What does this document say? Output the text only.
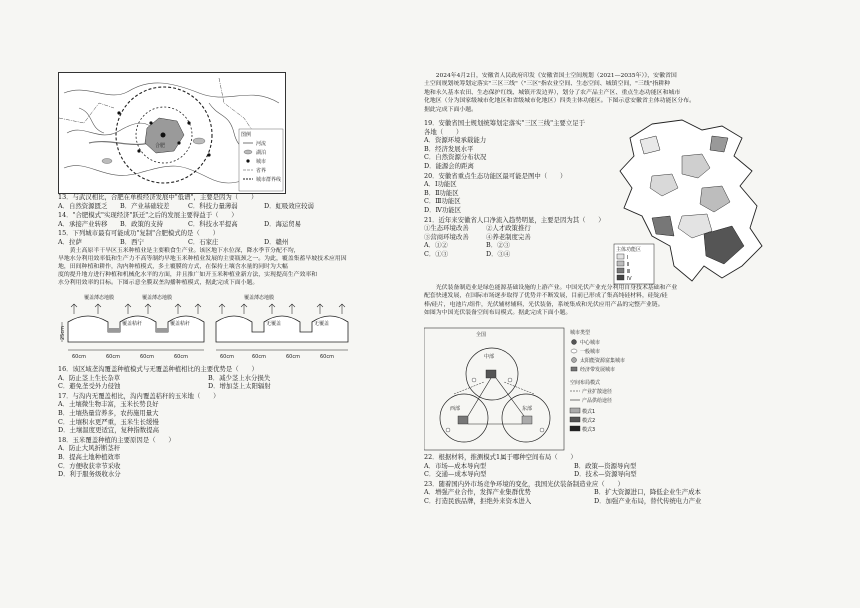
合肥
图例
河流
湖泊
城市
省界
城市群界线

13．与武汉相比，合肥在单极经济发展中"低谱"，主要是因为（　　）

A．自然资源匮乏	B．产业基础较差	C．科技力量薄弱	D．虹吸效应较弱

14．"合肥模式"实现经济"跃迁"之后的发展主要得益于（　　）

A．承接产业转移	B．政策的支持	C．科技水平提高	D．海运贸易

15．下列城市最有可能成功"复制"合肥模式的是（　　）

A．拉萨	B．西宁	C．石家庄	D．赣州

　　黄土高原半干旱区玉米种植业是主要粮食生产业。该区地下水位深，降水季节分配不均，

旱地水分利用效率低和生产力不高等制约早地玉米种植业发展的主要瓶颈之一。为此，覆盖集蓄旱坡技术应用因

地，田间种植和耕作，沟内种植模式，多土覆膜的方式，在保持土壤含水量的同时为大幅

度的提升地方进行种植和机械化水平的方面，并且推广如开玉米种植业新方法，实现提高生产效率和

水分利用效率的目标。下图示意全膜双垄沟播种植模式，据此完成下面小题。

覆盖薄态地膜	覆盖薄态地膜	覆盖薄态地膜
覆盖秸秆	覆盖秸秆
25cm
无覆盖	无覆盖
60cm	60cm	60cm	60cm	60cm	60cm	60cm	60cm

16．该区域垄沟覆盖种植模式与无覆盖种植相比的主要优势是（　　）

A．防止茎上生长杂草	B．减少茎上水分损失
C．避免垄受外力侵蚀	D．增加茎上太阳辐射

17．与沟内无覆盖相比，沟内覆盖秸秆的玉米地（　　）

A．土壤微生物丰富，玉米长势良好

B．土壤热量营养多，农药施用量大

C．土壤积水更严重，玉米生长缓慢

D．土壤温度更适宜，复种指数提高

18．玉米覆盖种植的主要原因是（　　）

A．防止大风折断茎秆

B．提高土地种植效率

C．方便收获幸节采收

D．利于服务级收水分

　　2024年4月2日，安徽省人民政府印发《安徽省国土空间规划（2021—2035年）》，安徽省国

土空间规划统筹划定落实"三区三线"（"三区"指农业空间、生态空间、城镇空间，"三线"指耕种

地和永久基本农田、生态保护红线、城镇开发边界），划分了农产品主产区、重点生态功能区和城市

化地区（分为国家级城市化地区和省级城市化地区）四类主体功能区。下图示意安徽省主体功能区分布。

据此完成下面小题。

19．安徽省国土规划统筹划定落实"三区三线"主要立足于

各地（　　）

A．资源环境承载能力

B．经济发展水平

C．自然资源分布状况

D．能源会的距离

20．安徽省重点生态功能区最可能是图中（　　）

A．Ⅰ功能区

B．Ⅱ功能区

C．Ⅲ功能区

D．Ⅳ功能区

21．近年来安徽省人口净流入趋势明显，主要是因为其（　　）

①生态环境改善	②人才政策推行
③营商环境改善	④养老制度完善
A．①②	B．②③
C．①③	D．③④	主体功能区
Ⅰ
Ⅱ
Ⅲ
Ⅳ

　　光伏装备制造业是绿色能源基础设施的上游产业。中国光伏产业充分利用自身技术基础和产业

配套快速发展，在国际市场逐步取得了优势并不断发展，目前已形成了集高纯硅材料，硅锭/硅

棒/硅片，电池片/组件，光伏辅材辅料，光伏装备，系统集成和光伏应用产品的完整产业链。

如图为中国光伏装备空间布局模式。据此完成下面小题。

全国
中部
西部	东部
城市类型
中心城市
一般城市
太阳能资源富集城市
经济带发展城市
空间布局模式
产业扩散途径
产品供给途径
模式1
模式2
模式3

22．根据材料，推测模式1属于哪种空间布局（　　）

A．市场—成本导向型	B．政策—资源导向型
C．交通—成本导向型	D．技术—资源导向型

23．随着国内外市场竞争环境的变化，我国光伏装备制造业应（　　）

A．增强产业合作，发挥产业集群优势	B．扩大资源进口，降低企业生产成本
C．打造民族品牌，拒绝外来资本进入	D．加强产业布局，替代传统电力产业
